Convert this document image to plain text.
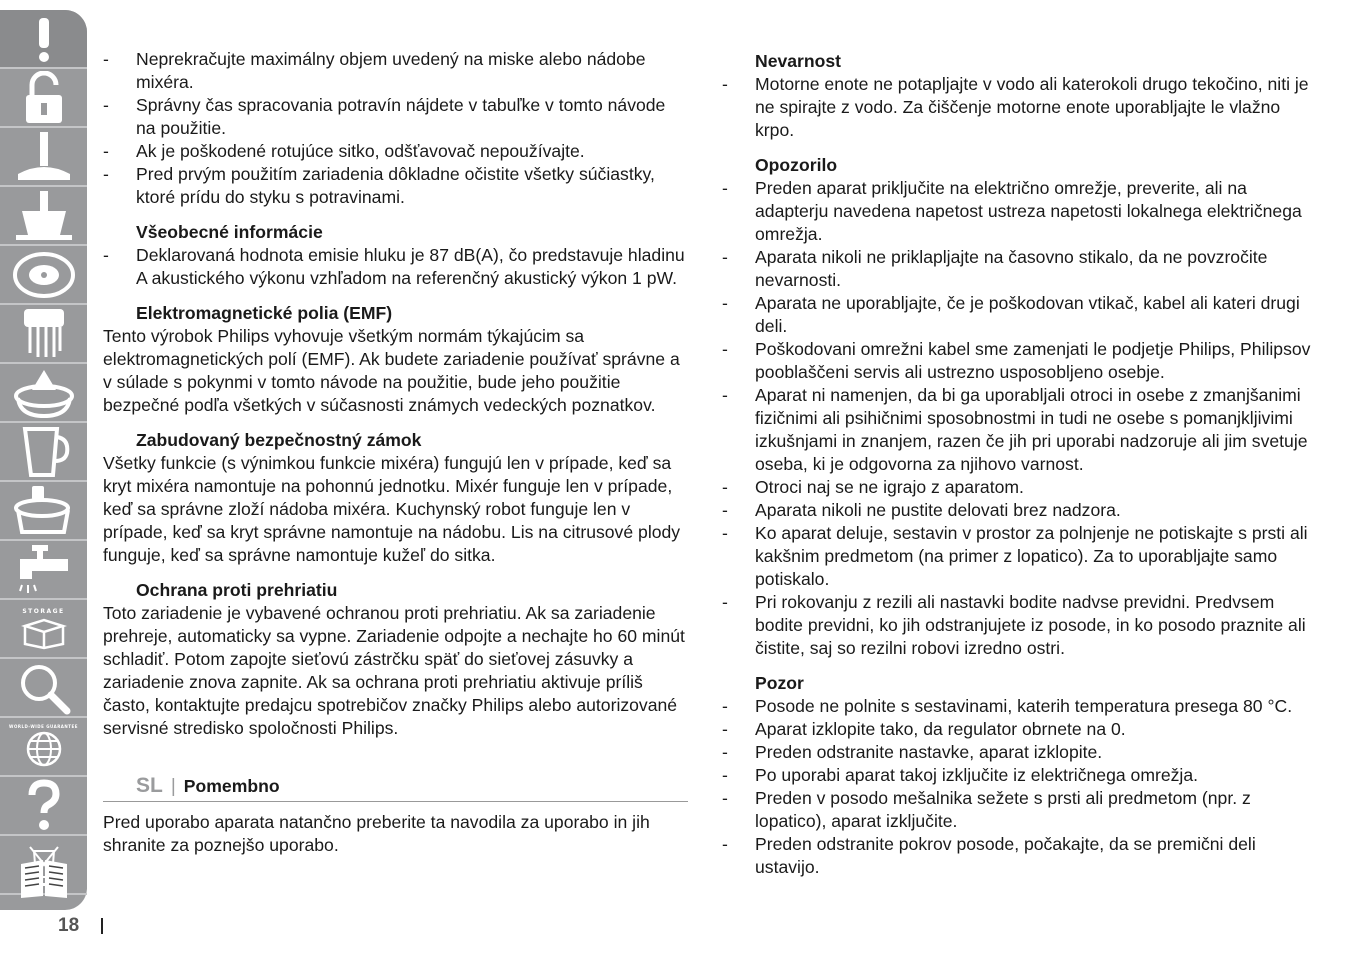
STORAGE
WORLD-WIDE GUARANTEE
18
- Neprekračujte maximálny objem uvedený na miske alebo nádobe mixéra.
- Správny čas spracovania potravín nájdete v tabuľke v tomto návode na použitie.
- Ak je poškodené rotujúce sitko, odšťavovač nepoužívajte.
- Pred prvým použitím zariadenia dôkladne očistite všetky súčiastky, ktoré prídu do styku s potravinami.
Všeobecné informácie
- Deklarovaná hodnota emisie hluku je 87 dB(A), čo predstavuje hladinu A akustického výkonu vzhľadom na referenčný akustický výkon 1 pW.
Elektromagnetické polia (EMF)

Tento výrobok Philips vyhovuje všetkým normám týkajúcim sa elektromagnetických polí (EMF). Ak budete zariadenie používať správne a v súlade s pokynmi v tomto návode na použitie, bude jeho použitie bezpečné podľa všetkých v súčasnosti známych vedeckých poznatkov.

Zabudovaný bezpečnostný zámok

Všetky funkcie (s výnimkou funkcie mixéra) fungujú len v prípade, keď sa kryt mixéra namontuje na pohonnú jednotku. Mixér funguje len v prípade, keď sa správne zloží nádoba mixéra. Kuchynský robot funguje len v prípade, keď sa kryt správne namontuje na nádobu. Lis na citrusové plody funguje, keď sa správne namontuje kužeľ do sitka.

Ochrana proti prehriatiu

Toto zariadenie je vybavené ochranou proti prehriatiu. Ak sa zariadenie prehreje, automaticky sa vypne. Zariadenie odpojte a nechajte ho 60 minút schladiť. Potom zapojte sieťovú zástrčku späť do sieťovej zásuvky a zariadenie znova zapnite. Ak sa ochrana proti prehriatiu aktivuje príliš často, kontaktujte predajcu spotrebičov značky Philips alebo autorizované servisné stredisko spoločnosti Philips.

SL | Pomembno

Pred uporabo aparata natančno preberite ta navodila za uporabo in jih shranite za poznejšo uporabo.

Nevarnost
- Motorne enote ne potapljajte v vodo ali katerokoli drugo tekočino, niti je ne spirajte z vodo. Za čiščenje motorne enote uporabljajte le vlažno krpo.
Opozorilo
- Preden aparat priključite na električno omrežje, preverite, ali na adapterju navedena napetost ustreza napetosti lokalnega električnega omrežja.
- Aparata nikoli ne priklapljajte na časovno stikalo, da ne povzročite nevarnosti.
- Aparata ne uporabljajte, če je poškodovan vtikač, kabel ali kateri drugi deli.
- Poškodovani omrežni kabel sme zamenjati le podjetje Philips, Philipsov pooblaščeni servis ali ustrezno usposobljeno osebje.
- Aparat ni namenjen, da bi ga uporabljali otroci in osebe z zmanjšanimi fizičnimi ali psihičnimi sposobnostmi in tudi ne osebe s pomanjkljivimi izkušnjami in znanjem, razen če jih pri uporabi nadzoruje ali jim svetuje oseba, ki je odgovorna za njihovo varnost.
- Otroci naj se ne igrajo z aparatom.
- Aparata nikoli ne pustite delovati brez nadzora.
- Ko aparat deluje, sestavin v prostor za polnjenje ne potiskajte s prsti ali kakšnim predmetom (na primer z lopatico). Za to uporabljajte samo potiskalo.
- Pri rokovanju z rezili ali nastavki bodite nadvse previdni. Predvsem bodite previdni, ko jih odstranjujete iz posode, in ko posodo praznite ali čistite, saj so rezilni robovi izredno ostri.
Pozor
- Posode ne polnite s sestavinami, katerih temperatura presega 80 °C.
- Aparat izklopite tako, da regulator obrnete na 0.
- Preden odstranite nastavke, aparat izklopite.
- Po uporabi aparat takoj izključite iz električnega omrežja.
- Preden v posodo mešalnika sežete s prsti ali predmetom (npr. z lopatico), aparat izključite.
- Preden odstranite pokrov posode, počakajte, da se premični deli ustavijo.
